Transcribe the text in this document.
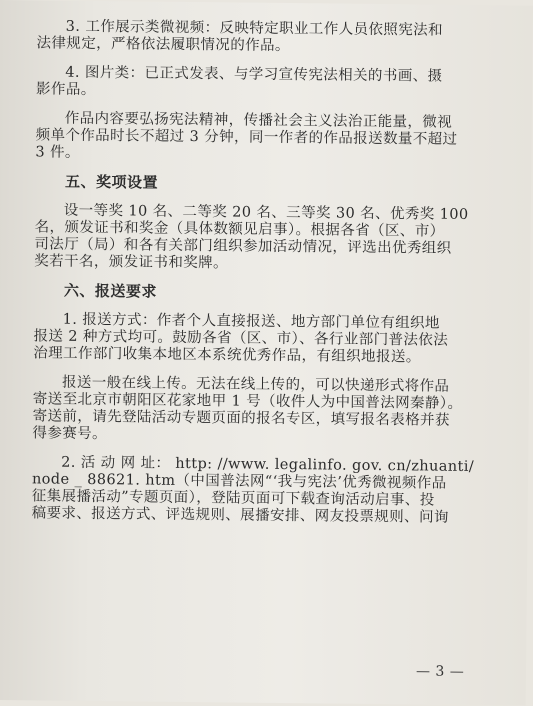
3. 工作展示类微视频：反映特定职业工作人员依照宪法和

法律规定，严格依法履职情况的作品。

4. 图片类：已正式发表、与学习宣传宪法相关的书画、摄

影作品。

作品内容要弘扬宪法精神，传播社会主义法治正能量，微视

频单个作品时长不超过 3 分钟，同一作者的作品报送数量不超过

3 件。

五、奖项设置

设一等奖 10 名、二等奖 20 名、三等奖 30 名、优秀奖 100

名，颁发证书和奖金（具体数额见启事）。根据各省（区、市）

司法厅（局）和各有关部门组织参加活动情况，评选出优秀组织

奖若干名，颁发证书和奖牌。

六、报送要求

1. 报送方式：作者个人直接报送、地方部门单位有组织地

报送 2 种方式均可。鼓励各省（区、市）、各行业部门普法依法

治理工作部门收集本地区本系统优秀作品，有组织地报送。

报送一般在线上传。无法在线上传的，可以快递形式将作品

寄送至北京市朝阳区花家地甲 1 号（收件人为中国普法网秦静）。

寄送前，请先登陆活动专题页面的报名专区，填写报名表格并获

得参赛号。

2. 活 动 网 址： http: //www. legalinfo. gov. cn/zhuanti/

node _ 88621. htm（中国普法网“‘我与宪法’优秀微视频作品

征集展播活动”专题页面），登陆页面可下载查询活动启事、投

稿要求、报送方式、评选规则、展播安排、网友投票规则、问询

— 3 —
